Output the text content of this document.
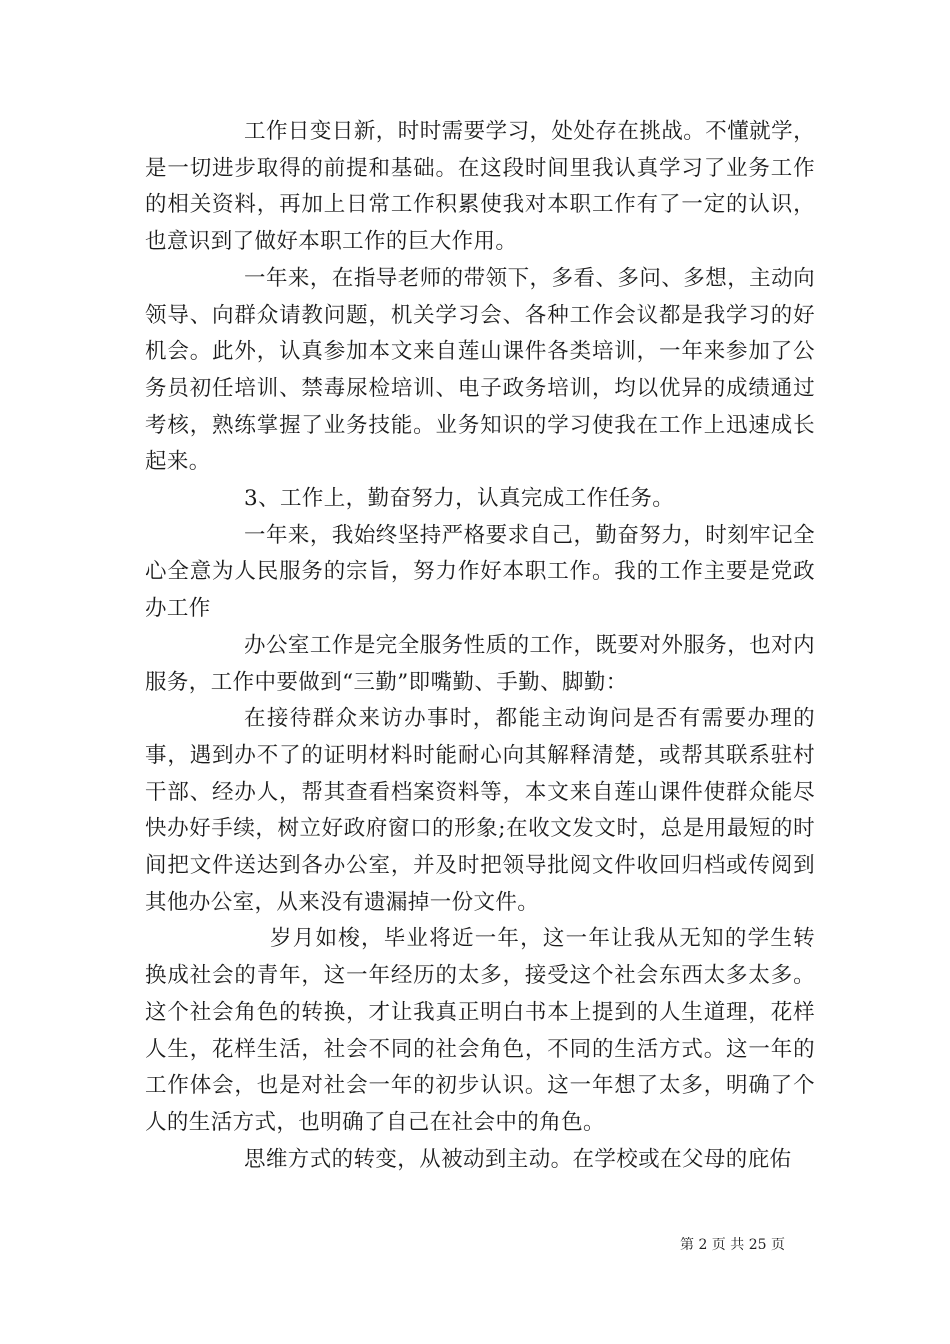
工作日变日新，时时需要学习，处处存在挑战。不懂就学，是一切进步取得的前提和基础。在这段时间里我认真学习了业务工作的相关资料，再加上日常工作积累使我对本职工作有了一定的认识，也意识到了做好本职工作的巨大作用。

一年来，在指导老师的带领下，多看、多问、多想，主动向领导、向群众请教问题，机关学习会、各种工作会议都是我学习的好机会。此外，认真参加本文来自莲山课件各类培训，一年来参加了公务员初任培训、禁毒尿检培训、电子政务培训，均以优异的成绩通过考核，熟练掌握了业务技能。业务知识的学习使我在工作上迅速成长起来。

3、工作上，勤奋努力，认真完成工作任务。

一年来，我始终坚持严格要求自己，勤奋努力，时刻牢记全心全意为人民服务的宗旨，努力作好本职工作。我的工作主要是党政办工作

办公室工作是完全服务性质的工作，既要对外服务，也对内服务，工作中要做到“三勤”即嘴勤、手勤、脚勤：

在接待群众来访办事时，都能主动询问是否有需要办理的事，遇到办不了的证明材料时能耐心向其解释清楚，或帮其联系驻村干部、经办人，帮其查看档案资料等，本文来自莲山课件使群众能尽快办好手续，树立好政府窗口的形象;在收文发文时，总是用最短的时间把文件送达到各办公室，并及时把领导批阅文件收回归档或传阅到其他办公室，从来没有遗漏掉一份文件。

岁月如梭，毕业将近一年，这一年让我从无知的学生转换成社会的青年，这一年经历的太多，接受这个社会东西太多太多。这个社会角色的转换，才让我真正明白书本上提到的人生道理，花样人生，花样生活，社会不同的社会角色，不同的生活方式。这一年的工作体会，也是对社会一年的初步认识。这一年想了太多，明确了个人的生活方式，也明确了自己在社会中的角色。

思维方式的转变，从被动到主动。在学校或在父母的庇佑

第 2 页 共 25 页
